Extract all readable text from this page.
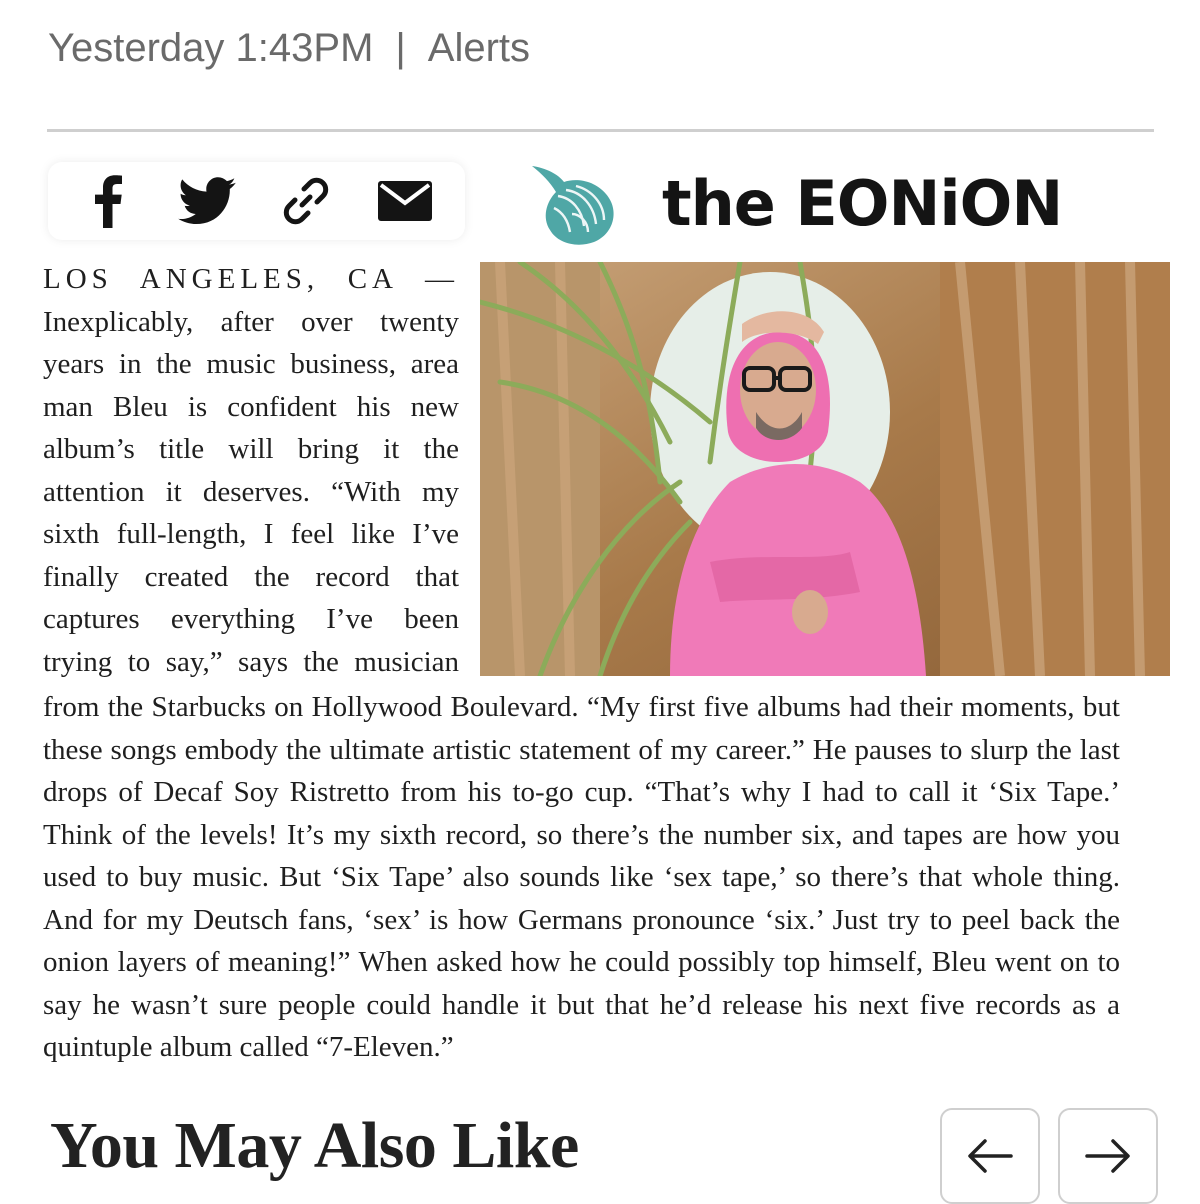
Yesterday 1:43PM | Alerts
the EONiON

LOS ANGELES, CA — Inexplicably, after over twenty years in the music business, area man Bleu is confident his new album’s title will bring it the attention it deserves. “With my sixth full-length, I feel like I’ve finally created the record that captures everything I’ve been trying to say,” says the musician

from the Starbucks on Hollywood Boulevard. “My first five albums had their moments, but these songs embody the ultimate artistic statement of my career.” He pauses to slurp the last drops of Decaf Soy Ristretto from his to-go cup. “That’s why I had to call it ‘Six Tape.’ Think of the levels! It’s my sixth record, so there’s the number six, and tapes are how you used to buy music. But ‘Six Tape’ also sounds like ‘sex tape,’ so there’s that whole thing. And for my Deutsch fans, ‘sex’ is how Germans pronounce ‘six.’ Just try to peel back the onion layers of meaning!” When asked how he could possibly top himself, Bleu went on to say he wasn’t sure people could handle it but that he’d release his next five records as a quintuple album called “7-Eleven.”

You May Also Like
